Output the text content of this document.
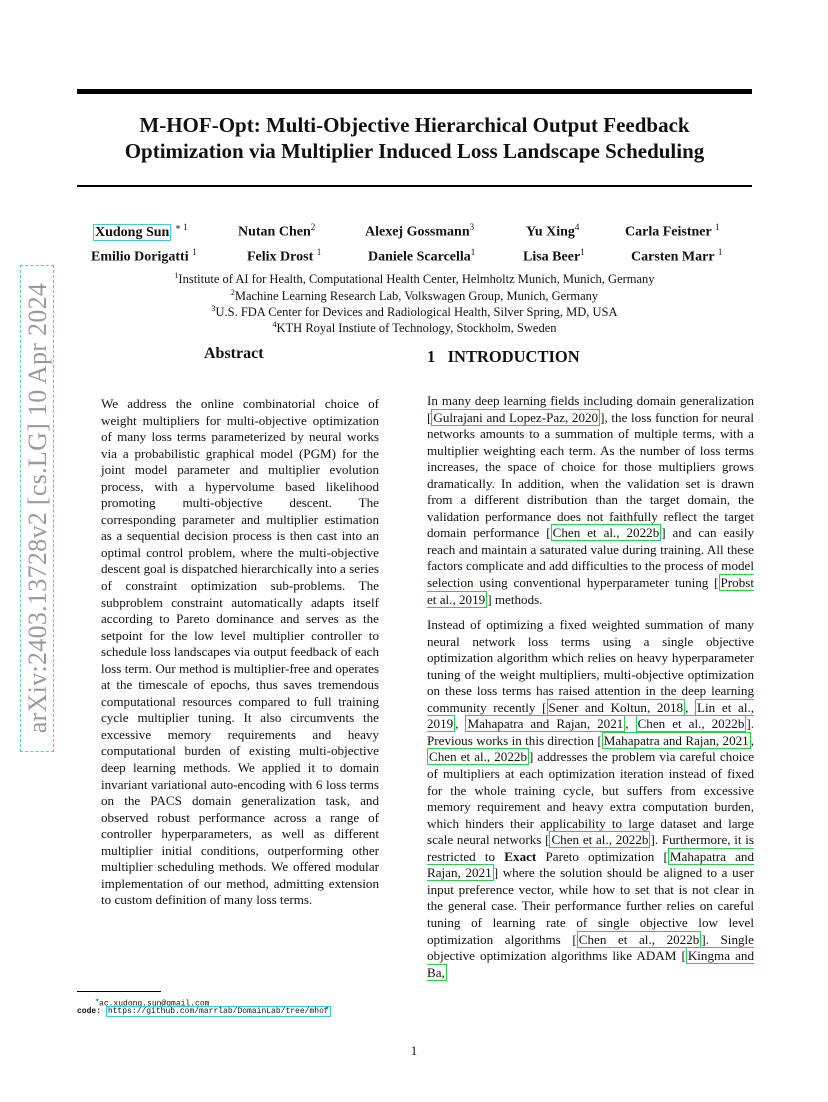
M-HOF-Opt: Multi-Objective Hierarchical Output Feedback
Optimization via Multiplier Induced Loss Landscape Scheduling
arXiv:2403.13728v2 [cs.LG] 10 Apr 2024
Xudong Sun $^{∗ 1}$	Nutan Chen$^2$	Alexej Gossmann$^3$	Yu Xing$^4$	Carla Feistner $^1$
Emilio Dorigatti $^1$	Felix Drost $^1$	Daniele Scarcella$^1$	Lisa Beer$^1$	Carsten Marr $^1$
$^1$Institute of AI for Health, Computational Health Center, Helmholtz Munich, Munich, Germany
$^2$Machine Learning Research Lab, Volkswagen Group, Munich, Germany
$^3$U.S. FDA Center for Devices and Radiological Health, Silver Spring, MD, USA
$^4$KTH Royal Instiute of Technology, Stockholm, Sweden
Abstract
We address the online combinatorial choice of weight multipliers for multi-objective optimization of many loss terms parameterized by neural works via a probabilistic graphical model (PGM) for the joint model parameter and multiplier evolution process, with a hypervolume based likelihood promoting multi-objective descent. The corresponding parameter and multiplier estimation as a sequential decision process is then cast into an optimal control problem, where the multi-objective descent goal is dispatched hierarchically into a series of constraint optimization sub-problems. The subproblem constraint automatically adapts itself according to Pareto dominance and serves as the setpoint for the low level multiplier controller to schedule loss landscapes via output feedback of each loss term. Our method is multiplier-free and operates at the timescale of epochs, thus saves tremendous computational resources compared to full training cycle multiplier tuning. It also circumvents the excessive memory requirements and heavy computational burden of existing multi-objective deep learning methods. We applied it to domain invariant variational auto-encoding with 6 loss terms on the PACS domain generalization task, and observed robust performance across a range of controller hyperparameters, as well as different multiplier initial conditions, outperforming other multiplier scheduling methods. We offered modular implementation of our method, admitting extension to custom definition of many loss terms.
1 INTRODUCTION

In many deep learning fields including domain generalization [ Gulrajani and Lopez-Paz, 2020 ], the loss function for neural networks amounts to a summation of multiple terms, with a multiplier weighting each term. As the number of loss terms increases, the space of choice for those multipliers grows dramatically. In addition, when the validation set is drawn from a different distribution than the target domain, the validation performance does not faithfully reflect the target domain performance [ Chen et al., 2022b ] and can easily reach and maintain a saturated value during training. All these factors complicate and add difficulties to the process of model selection using conventional hyperparameter tuning [ Probst et al., 2019 ] methods.

Instead of optimizing a fixed weighted summation of many neural network loss terms using a single objective optimization algorithm which relies on heavy hyperparameter tuning of the weight multipliers, multi-objective optimization on these loss terms has raised attention in the deep learning community recently [ Sener and Koltun, 2018 , Lin et al., 2019 , Mahapatra and Rajan, 2021 , Chen et al., 2022b ]. Previous works in this direction [ Mahapatra and Rajan, 2021 , Chen et al., 2022b ] addresses the problem via careful choice of multipliers at each optimization iteration instead of fixed for the whole training cycle, but suffers from excessive memory requirement and heavy extra computation burden, which hinders their applicability to large dataset and large scale neural networks [ Chen et al., 2022b ]. Furthermore, it is restricted to Exact Pareto optimization [ Mahapatra and Rajan, 2021 ] where the solution should be aligned to a user input preference vector, while how to set that is not clear in the general case. Their performance further relies on careful tuning of learning rate of single objective low level optimization algorithms [ Chen et al., 2022b ]. Single objective optimization algorithms like ADAM [ Kingma and Ba,

∗ac.xudong.sun@gmail.com
code: https://github.com/marrlab/DomainLab/tree/mhof
1
